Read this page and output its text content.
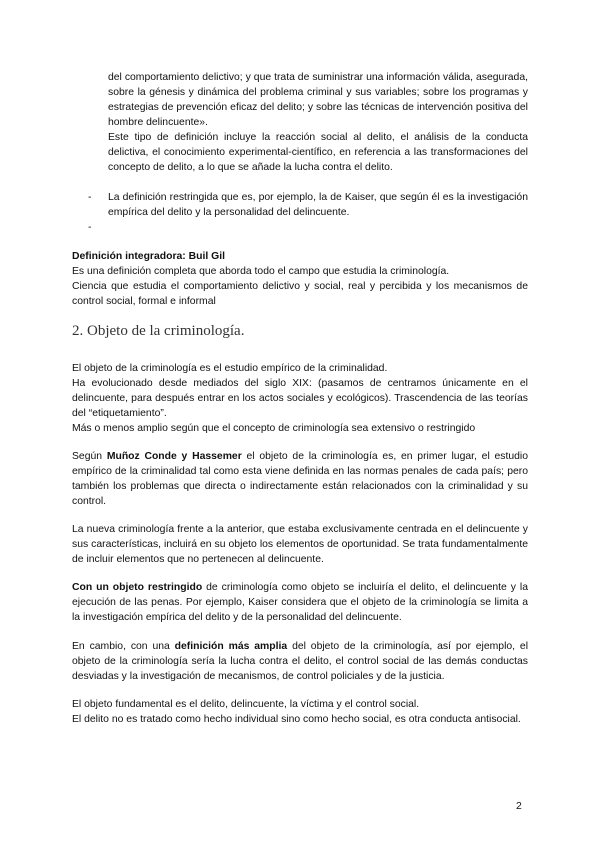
del comportamiento delictivo; y que trata de suministrar una información válida, asegurada, sobre la génesis y dinámica del problema criminal y sus variables; sobre los programas y estrategias de prevención eficaz del delito; y sobre las técnicas de intervención positiva del hombre delincuente».

Este tipo de definición incluye la reacción social al delito, el análisis de la conducta delictiva, el conocimiento experimental-científico, en referencia a las transformaciones del concepto de delito, a lo que se añade la lucha contra el delito.

- La definición restringida que es, por ejemplo, la de Kaiser, que según él es la investigación empírica del delito y la personalidad del delincuente.

-

Definición integradora: Buil Gil

Es una definición completa que aborda todo el campo que estudia la criminología.

Ciencia que estudia el comportamiento delictivo y social, real y percibida y los mecanismos de control social, formal e informal

2. Objeto de la criminología.

El objeto de la criminología es el estudio empírico de la criminalidad.

Ha evolucionado desde mediados del siglo XIX: (pasamos de centramos únicamente en el delincuente, para después entrar en los actos sociales y ecológicos). Trascendencia de las teorías del “etiquetamiento”.

Más o menos amplio según que el concepto de criminología sea extensivo o restringido

Según Muñoz Conde y Hassemer el objeto de la criminología es, en primer lugar, el estudio empírico de la criminalidad tal como esta viene definida en las normas penales de cada país; pero también los problemas que directa o indirectamente están relacionados con la criminalidad y su control.

La nueva criminología frente a la anterior, que estaba exclusivamente centrada en el delincuente y sus características, incluirá en su objeto los elementos de oportunidad. Se trata fundamentalmente de incluir elementos que no pertenecen al delincuente.

Con un objeto restringido de criminología como objeto se incluiría el delito, el delincuente y la ejecución de las penas. Por ejemplo, Kaiser considera que el objeto de la criminología se limita a la investigación empírica del delito y de la personalidad del delincuente.

En cambio, con una definición más amplia del objeto de la criminología, así por ejemplo, el objeto de la criminología sería la lucha contra el delito, el control social de las demás conductas desviadas y la investigación de mecanismos, de control policiales y de la justicia.

El objeto fundamental es el delito, delincuente, la víctima y el control social.

El delito no es tratado como hecho individual sino como hecho social, es otra conducta antisocial.

2
